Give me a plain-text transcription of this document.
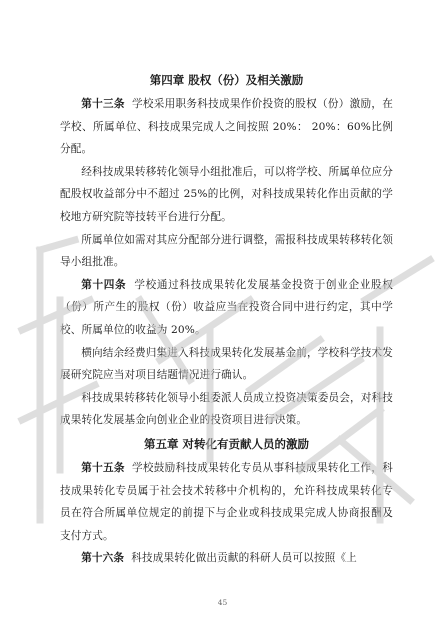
第四章 股权（份）及相关激励

第十三条 学校采用职务科技成果作价投资的股权（份）激励，在学校、所属单位、科技成果完成人之间按照 20%： 20%：60%比例分配。

经科技成果转移转化领导小组批准后，可以将学校、所属单位应分配股权收益部分中不超过 25%的比例，对科技成果转化作出贡献的学校地方研究院等技转平台进行分配。

所属单位如需对其应分配部分进行调整，需报科技成果转移转化领导小组批准。

第十四条 学校通过科技成果转化发展基金投资于创业企业股权（份）所产生的股权（份）收益应当在投资合同中进行约定，其中学校、所属单位的收益为 20%。

横向结余经费归集进入科技成果转化发展基金前，学校科学技术发展研究院应当对项目结题情况进行确认。

科技成果转移转化领导小组委派人员成立投资决策委员会，对科技成果转化发展基金向创业企业的投资项目进行决策。

第五章 对转化有贡献人员的激励

第十五条 学校鼓励科技成果转化专员从事科技成果转化工作，科技成果转化专员属于社会技术转移中介机构的，允许科技成果转化专员在符合所属单位规定的前提下与企业或科技成果完成人协商报酬及支付方式。

第十六条 科技成果转化做出贡献的科研人员可以按照《上

45
